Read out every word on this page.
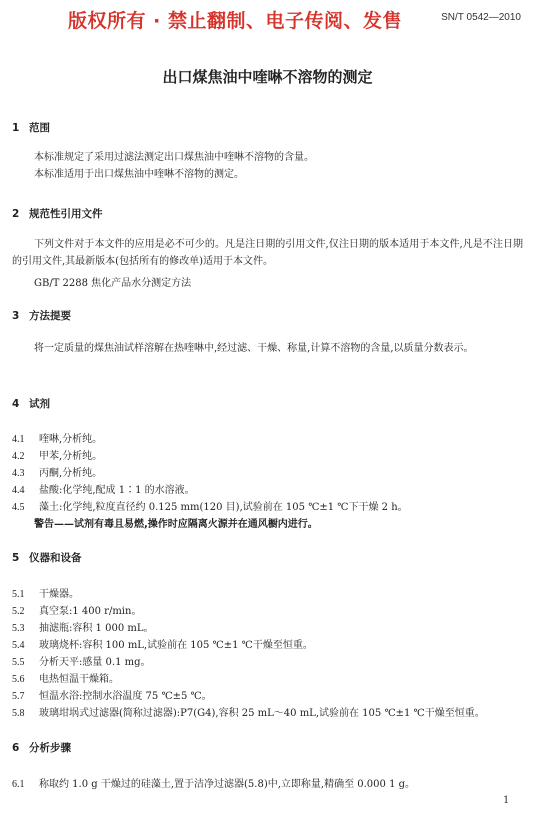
版权所有 · 禁止翻制、电子传阅、发售	SN/T 0542—2010
出口煤焦油中喹啉不溶物的测定
1 范围
本标准规定了采用过滤法测定出口煤焦油中喹啉不溶物的含量。
本标准适用于出口煤焦油中喹啉不溶物的测定。
2 规范性引用文件
下列文件对于本文件的应用是必不可少的。凡是注日期的引用文件,仅注日期的版本适用于本文件,凡是不注日期的引用文件,其最新版本(包括所有的修改单)适用于本文件。
GB/T 2288 焦化产品水分测定方法
3 方法提要
将一定质量的煤焦油试样溶解在热喹啉中,经过滤、干燥、称量,计算不溶物的含量,以质量分数表示。
4 试剂
4.1 喹啉,分析纯。
4.2 甲苯,分析纯。
4.3 丙酮,分析纯。
4.4 盐酸:化学纯,配成 1∶1 的水溶液。
4.5 藻土:化学纯,粒度直径约 0.125 mm(120 目),试验前在 105 ℃±1 ℃下干燥 2 h。
警告——试剂有毒且易燃,操作时应隔离火源并在通风橱内进行。
5 仪器和设备
5.1 干燥器。
5.2 真空泵:1 400 r/min。
5.3 抽滤瓶:容积 1 000 mL。
5.4 玻璃烧杯:容积 100 mL,试验前在 105 ℃±1 ℃干燥至恒重。
5.5 分析天平:感量 0.1 mg。
5.6 电热恒温干燥箱。
5.7 恒温水浴:控制水浴温度 75 ℃±5 ℃。
5.8 玻璃坩埚式过滤器(简称过滤器):P7(G4),容积 25 mL～40 mL,试验前在 105 ℃±1 ℃干燥至恒重。
6 分析步骤
6.1 称取约 1.0 g 干燥过的硅藻土,置于洁净过滤器(5.8)中,立即称量,精确至 0.000 1 g。
1
